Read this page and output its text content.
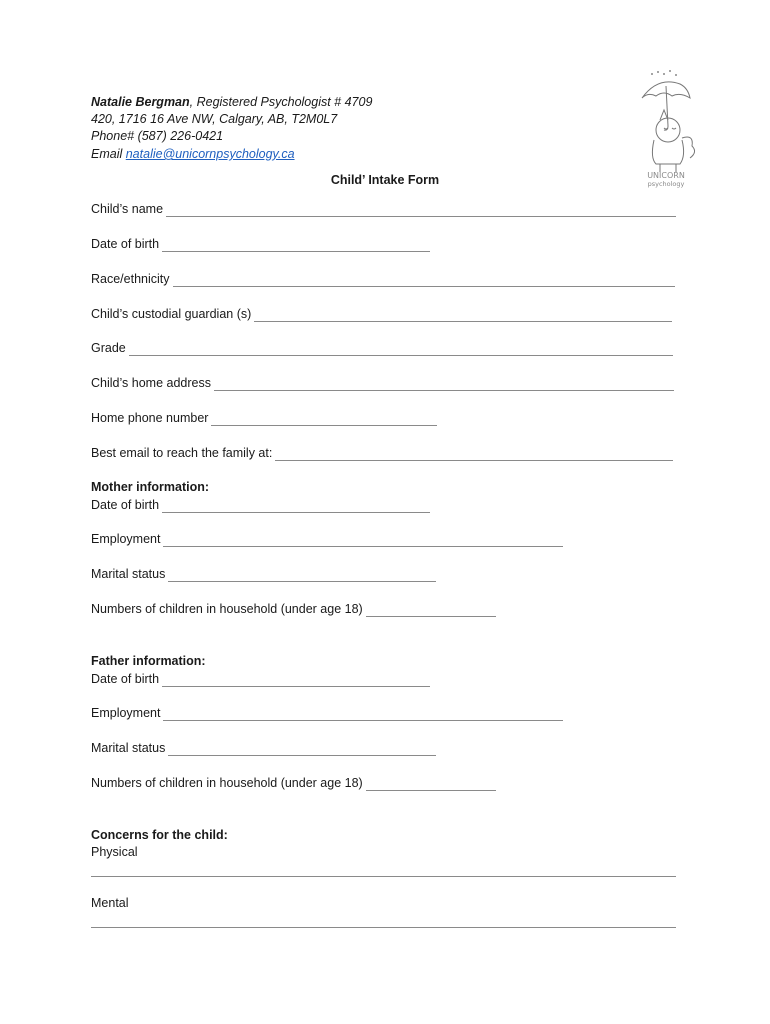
Natalie Bergman, Registered Psychologist # 4709
420, 1716 16 Ave NW, Calgary, AB, T2M0L7
Phone# (587) 226-0421
Email natalie@unicornpsychology.ca
UNICORN
psychology
Child’ Intake Form
Child’s name
Date of birth
Race/ethnicity
Child’s custodial guardian (s)
Grade
Child’s home address
Home phone number
Best email to reach the family at:
Mother information:
Date of birth
Employment
Marital status
Numbers of children in household (under age 18)
Father information:
Date of birth
Employment
Marital status
Numbers of children in household (under age 18)
Concerns for the child:
Physical
Mental
